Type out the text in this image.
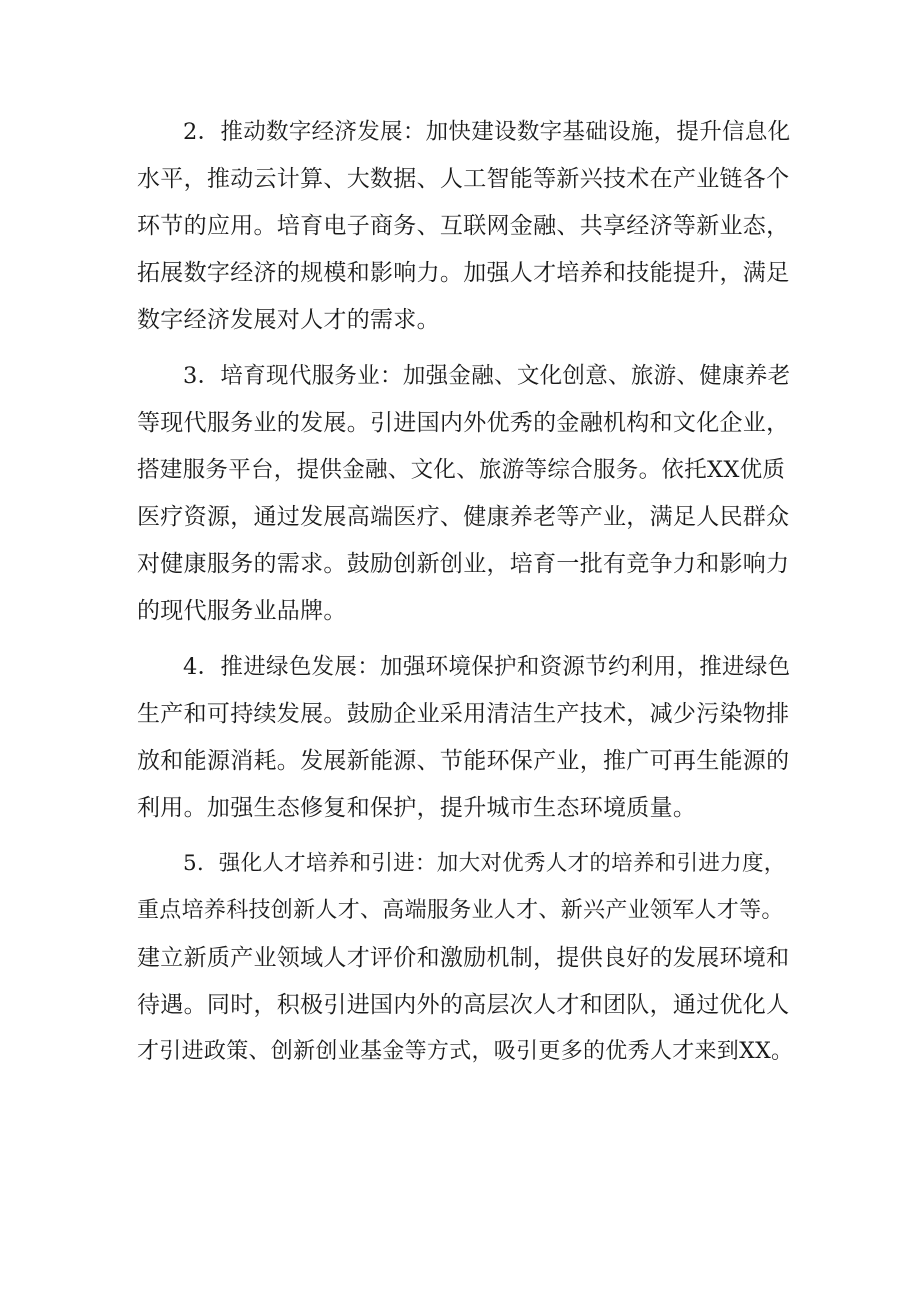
2．推动数字经济发展：加快建设数字基础设施，提升信息化
水平，推动云计算、大数据、人工智能等新兴技术在产业链各个
环节的应用。培育电子商务、互联网金融、共享经济等新业态，
拓展数字经济的规模和影响力。加强人才培养和技能提升，满足
数字经济发展对人才的需求。
3．培育现代服务业：加强金融、文化创意、旅游、健康养老
等现代服务业的发展。引进国内外优秀的金融机构和文化企业，
搭建服务平台，提供金融、文化、旅游等综合服务。依托XX优质
医疗资源，通过发展高端医疗、健康养老等产业，满足人民群众
对健康服务的需求。鼓励创新创业，培育一批有竞争力和影响力
的现代服务业品牌。
4．推进绿色发展：加强环境保护和资源节约利用，推进绿色
生产和可持续发展。鼓励企业采用清洁生产技术，减少污染物排
放和能源消耗。发展新能源、节能环保产业，推广可再生能源的
利用。加强生态修复和保护，提升城市生态环境质量。
5．强化人才培养和引进：加大对优秀人才的培养和引进力度，
重点培养科技创新人才、高端服务业人才、新兴产业领军人才等。
建立新质产业领域人才评价和激励机制，提供良好的发展环境和
待遇。同时，积极引进国内外的高层次人才和团队，通过优化人
才引进政策、创新创业基金等方式，吸引更多的优秀人才来到XX。
